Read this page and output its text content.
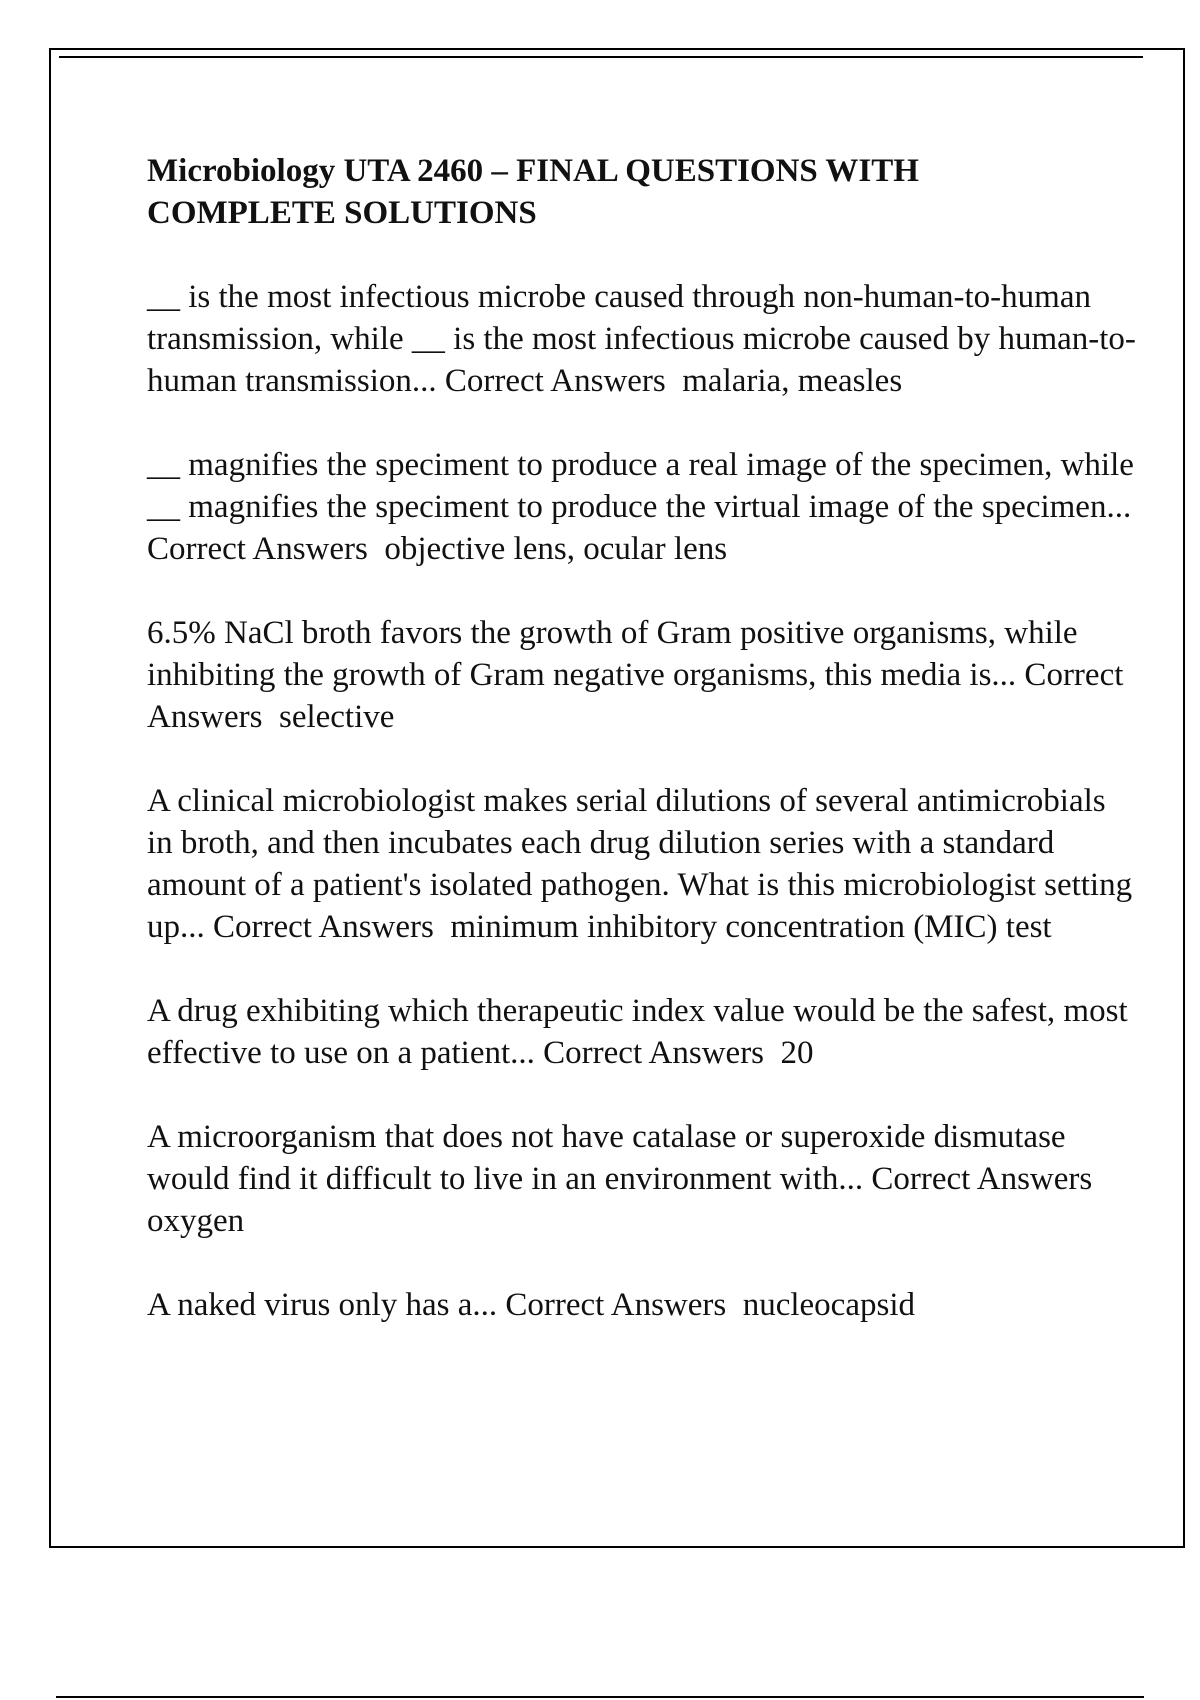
Microbiology UTA 2460 – FINAL QUESTIONS WITH COMPLETE SOLUTIONS

__ is the most infectious microbe caused through non-human-to-human transmission, while __ is the most infectious microbe caused by human-to-human transmission... Correct Answers  malaria, measles

__ magnifies the speciment to produce a real image of the specimen, while __ magnifies the speciment to produce the virtual image of the specimen... Correct Answers  objective lens, ocular lens

6.5% NaCl broth favors the growth of Gram positive organisms, while inhibiting the growth of Gram negative organisms, this media is... Correct Answers  selective

A clinical microbiologist makes serial dilutions of several antimicrobials in broth, and then incubates each drug dilution series with a standard amount of a patient's isolated pathogen. What is this microbiologist setting up... Correct Answers  minimum inhibitory concentration (MIC) test

A drug exhibiting which therapeutic index value would be the safest, most effective to use on a patient... Correct Answers  20

A microorganism that does not have catalase or superoxide dismutase would find it difficult to live in an environment with... Correct Answers  oxygen

A naked virus only has a... Correct Answers  nucleocapsid
